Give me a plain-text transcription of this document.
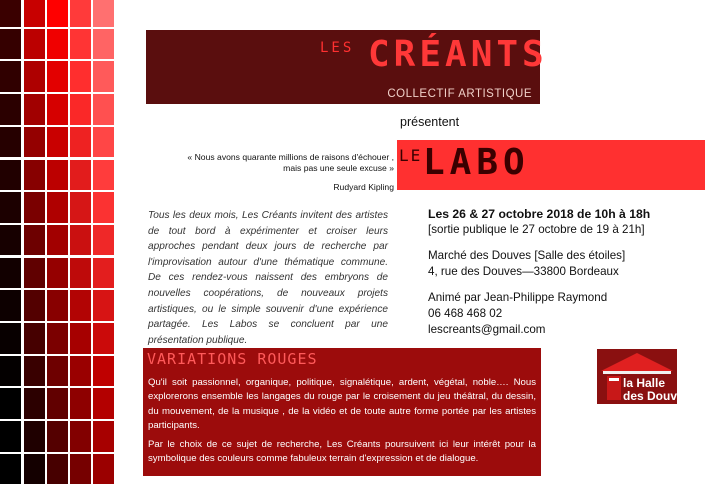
LES CRÉANTS
COLLECTIF ARTISTIQUE
présentent
« Nous avons quarante millions de raisons d'échouer ,
mais pas une seule excuse »
Rudyard Kipling
LE LABO
Tous les deux mois, Les Créants invitent des artistes de tout bord à expérimenter et croiser leurs approches pendant deux jours de recherche par l'improvisation autour d'une thématique commune. De ces rendez-vous naissent des embryons de nouvelles coopérations, de nouveaux projets artistiques, ou le simple souvenir d'une expérience partagée. Les Labos se concluent par une présentation publique.
Les 26 & 27 octobre 2018 de 10h à 18h
[sortie publique le 27 octobre de 19 à 21h]
Marché des Douves [Salle des étoiles]
4, rue des Douves—33800 Bordeaux
Animé par Jean-Philippe Raymond
06 468 468 02
lescreants@gmail.com
VARIATIONS ROUGES

Qu'il soit passionnel, organique, politique, signalétique, ardent, végétal, noble…. Nous explorerons ensemble les langages du rouge par le croisement du jeu théâtral, du dessin, du mouvement, de la musique , de la vidéo et de toute autre forme portée par les artistes participants.

Par le choix de ce sujet de recherche, Les Créants poursuivent ici leur intérêt pour la symbolique des couleurs comme fabuleux terrain d'expression et de dialogue.

la Halle
des Douves
